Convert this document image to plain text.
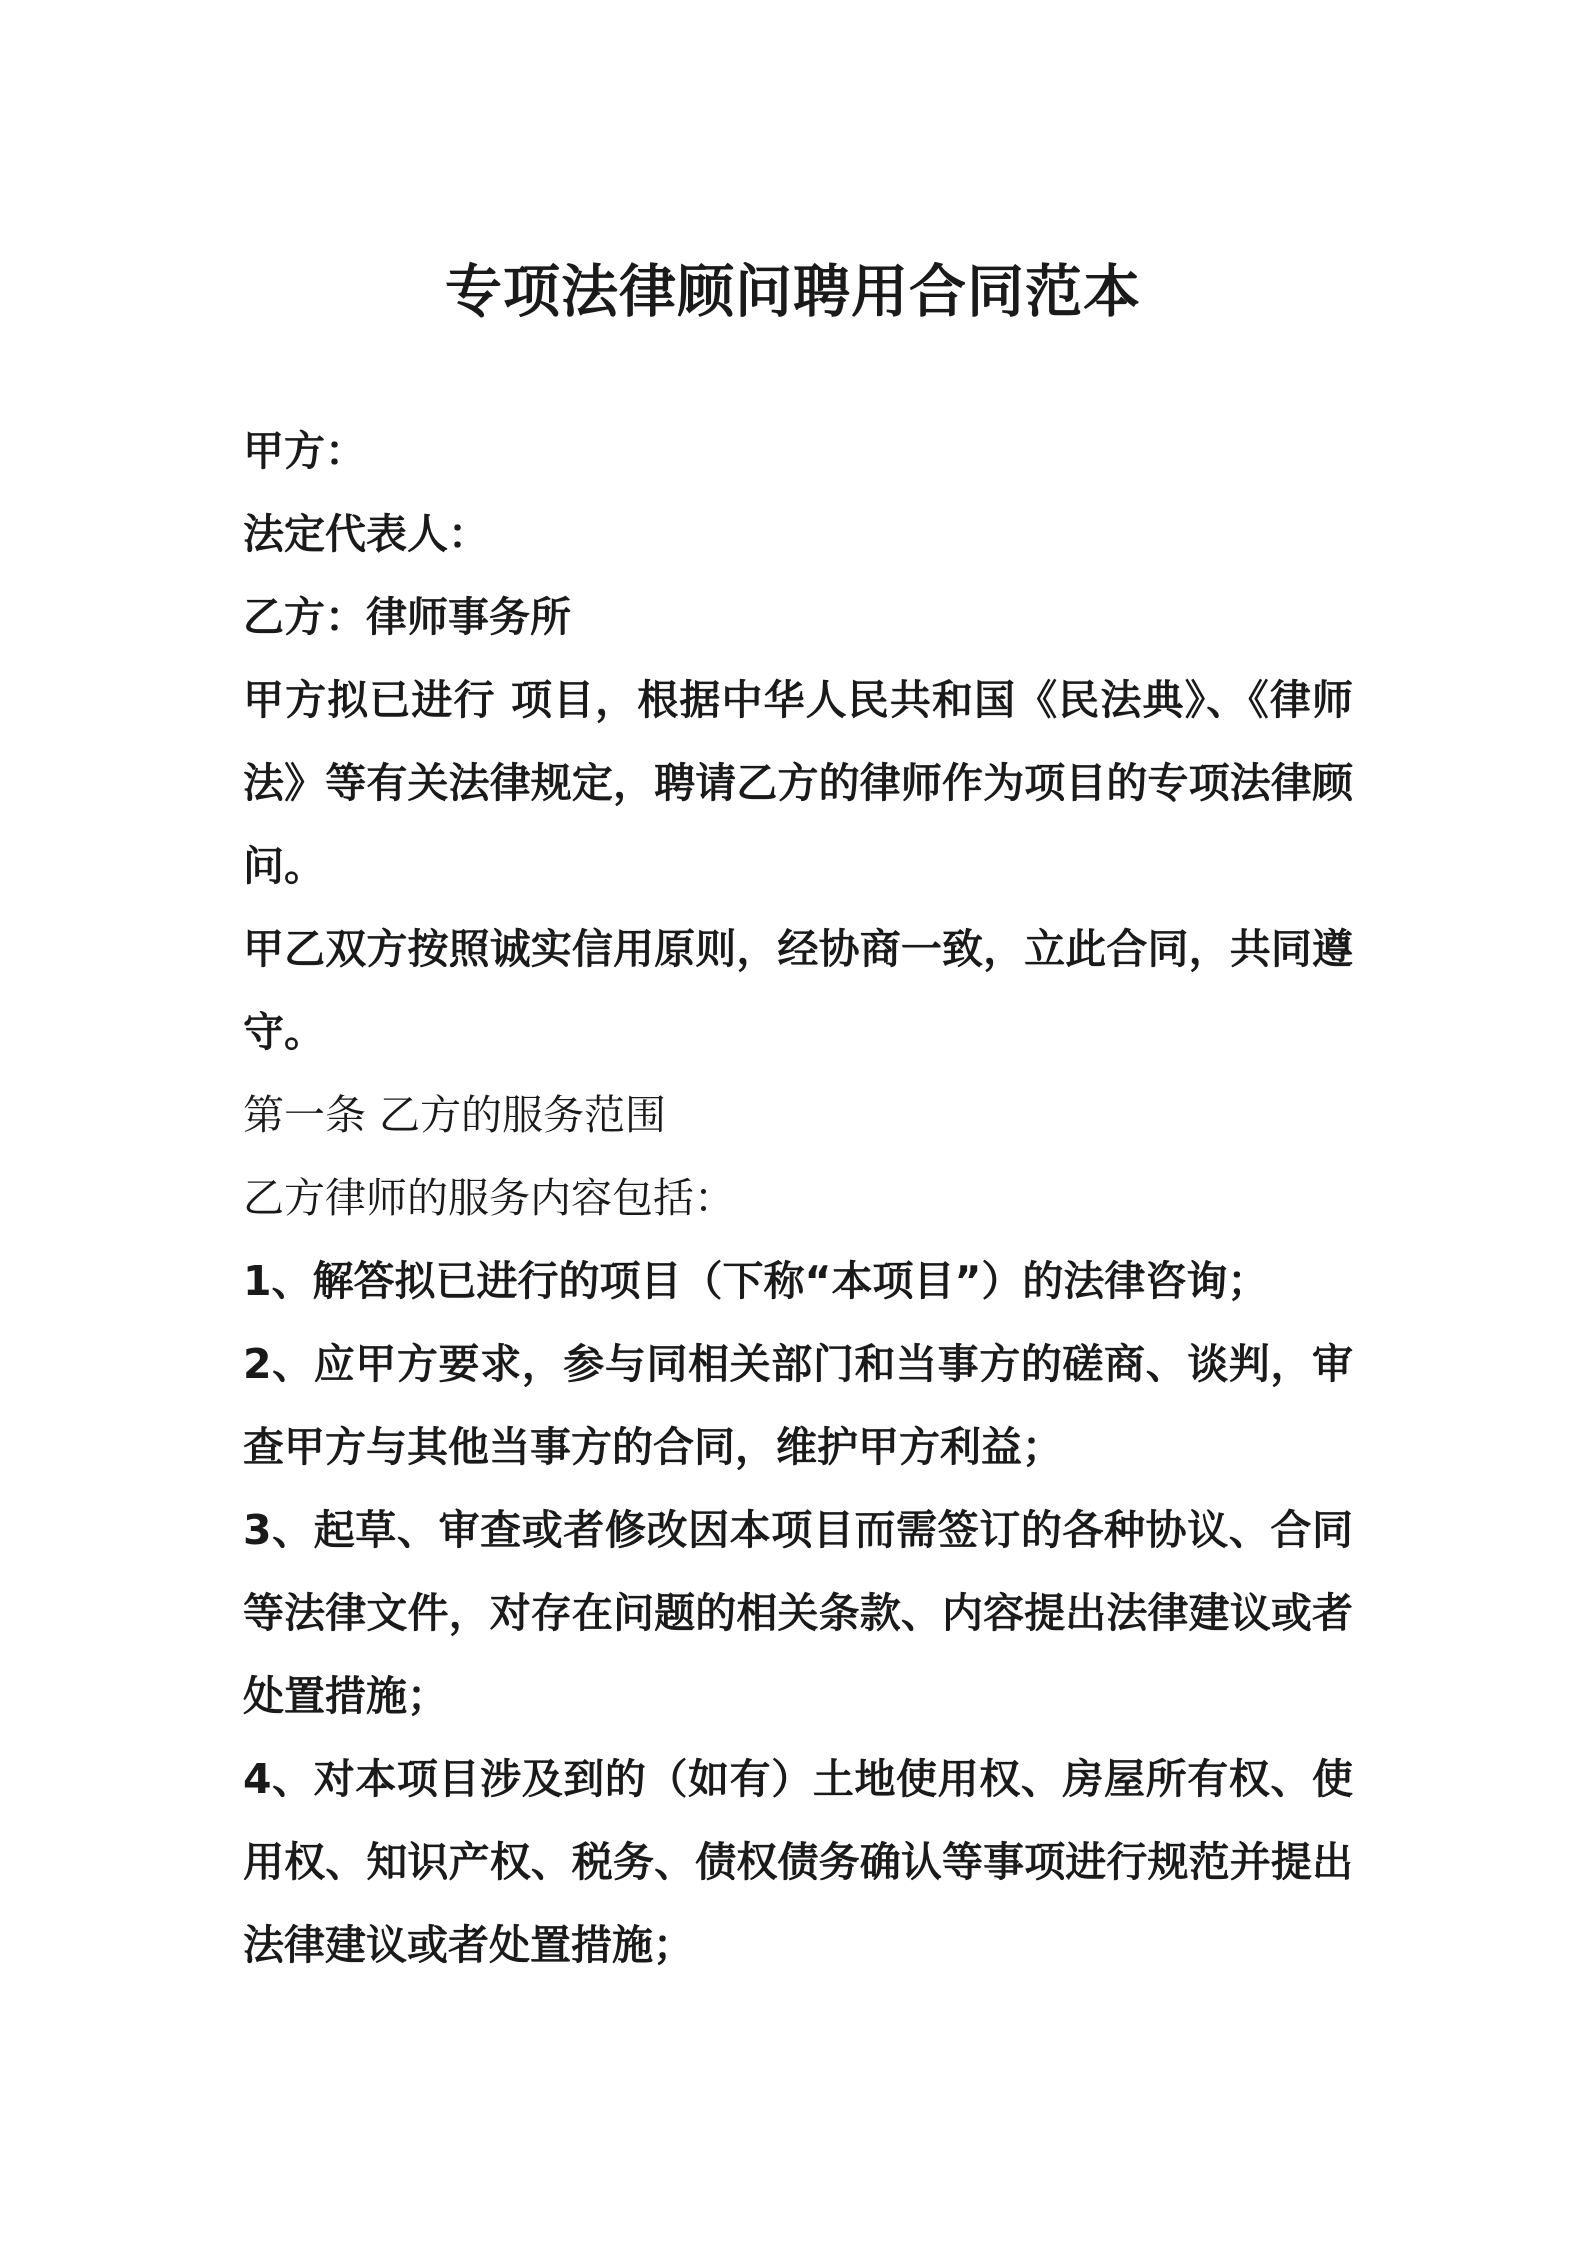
专项法律顾问聘用合同范本

甲方：

法定代表人：

乙方：律师事务所

甲方拟已进行 项目，根据中华人民共和国《民法典》、《律师法》等有关法律规定，聘请乙方的律师作为项目的专项法律顾问。

甲乙双方按照诚实信用原则，经协商一致，立此合同，共同遵守。

第一条 乙方的服务范围

乙方律师的服务内容包括：

1、解答拟已进行的项目（下称“本项目”）的法律咨询；

2、应甲方要求，参与同相关部门和当事方的磋商、谈判，审查甲方与其他当事方的合同，维护甲方利益；

3、起草、审查或者修改因本项目而需签订的各种协议、合同等法律文件，对存在问题的相关条款、内容提出法律建议或者处置措施；

4、对本项目涉及到的（如有）土地使用权、房屋所有权、使用权、知识产权、税务、债权债务确认等事项进行规范并提出法律建议或者处置措施；
